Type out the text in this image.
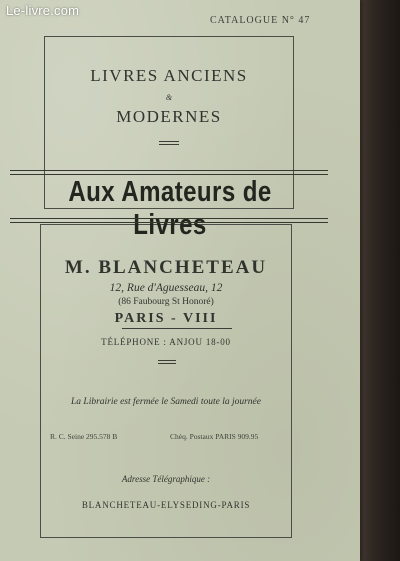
Le-livre.com
CATALOGUE N° 47
LIVRES ANCIENS
&
MODERNES
Aux Amateurs de Livres
M. BLANCHETEAU
12, Rue d'Aguesseau, 12
(86 Faubourg St Honoré)
PARIS - VIII
TÉLÉPHONE : ANJOU 18-00
La Librairie est fermée le Samedi toute la journée
R. C. Seine 295.578 B	Chèq. Postaux PARIS 909.95
Adresse Télégraphique :
BLANCHETEAU-ELYSEDING-PARIS
